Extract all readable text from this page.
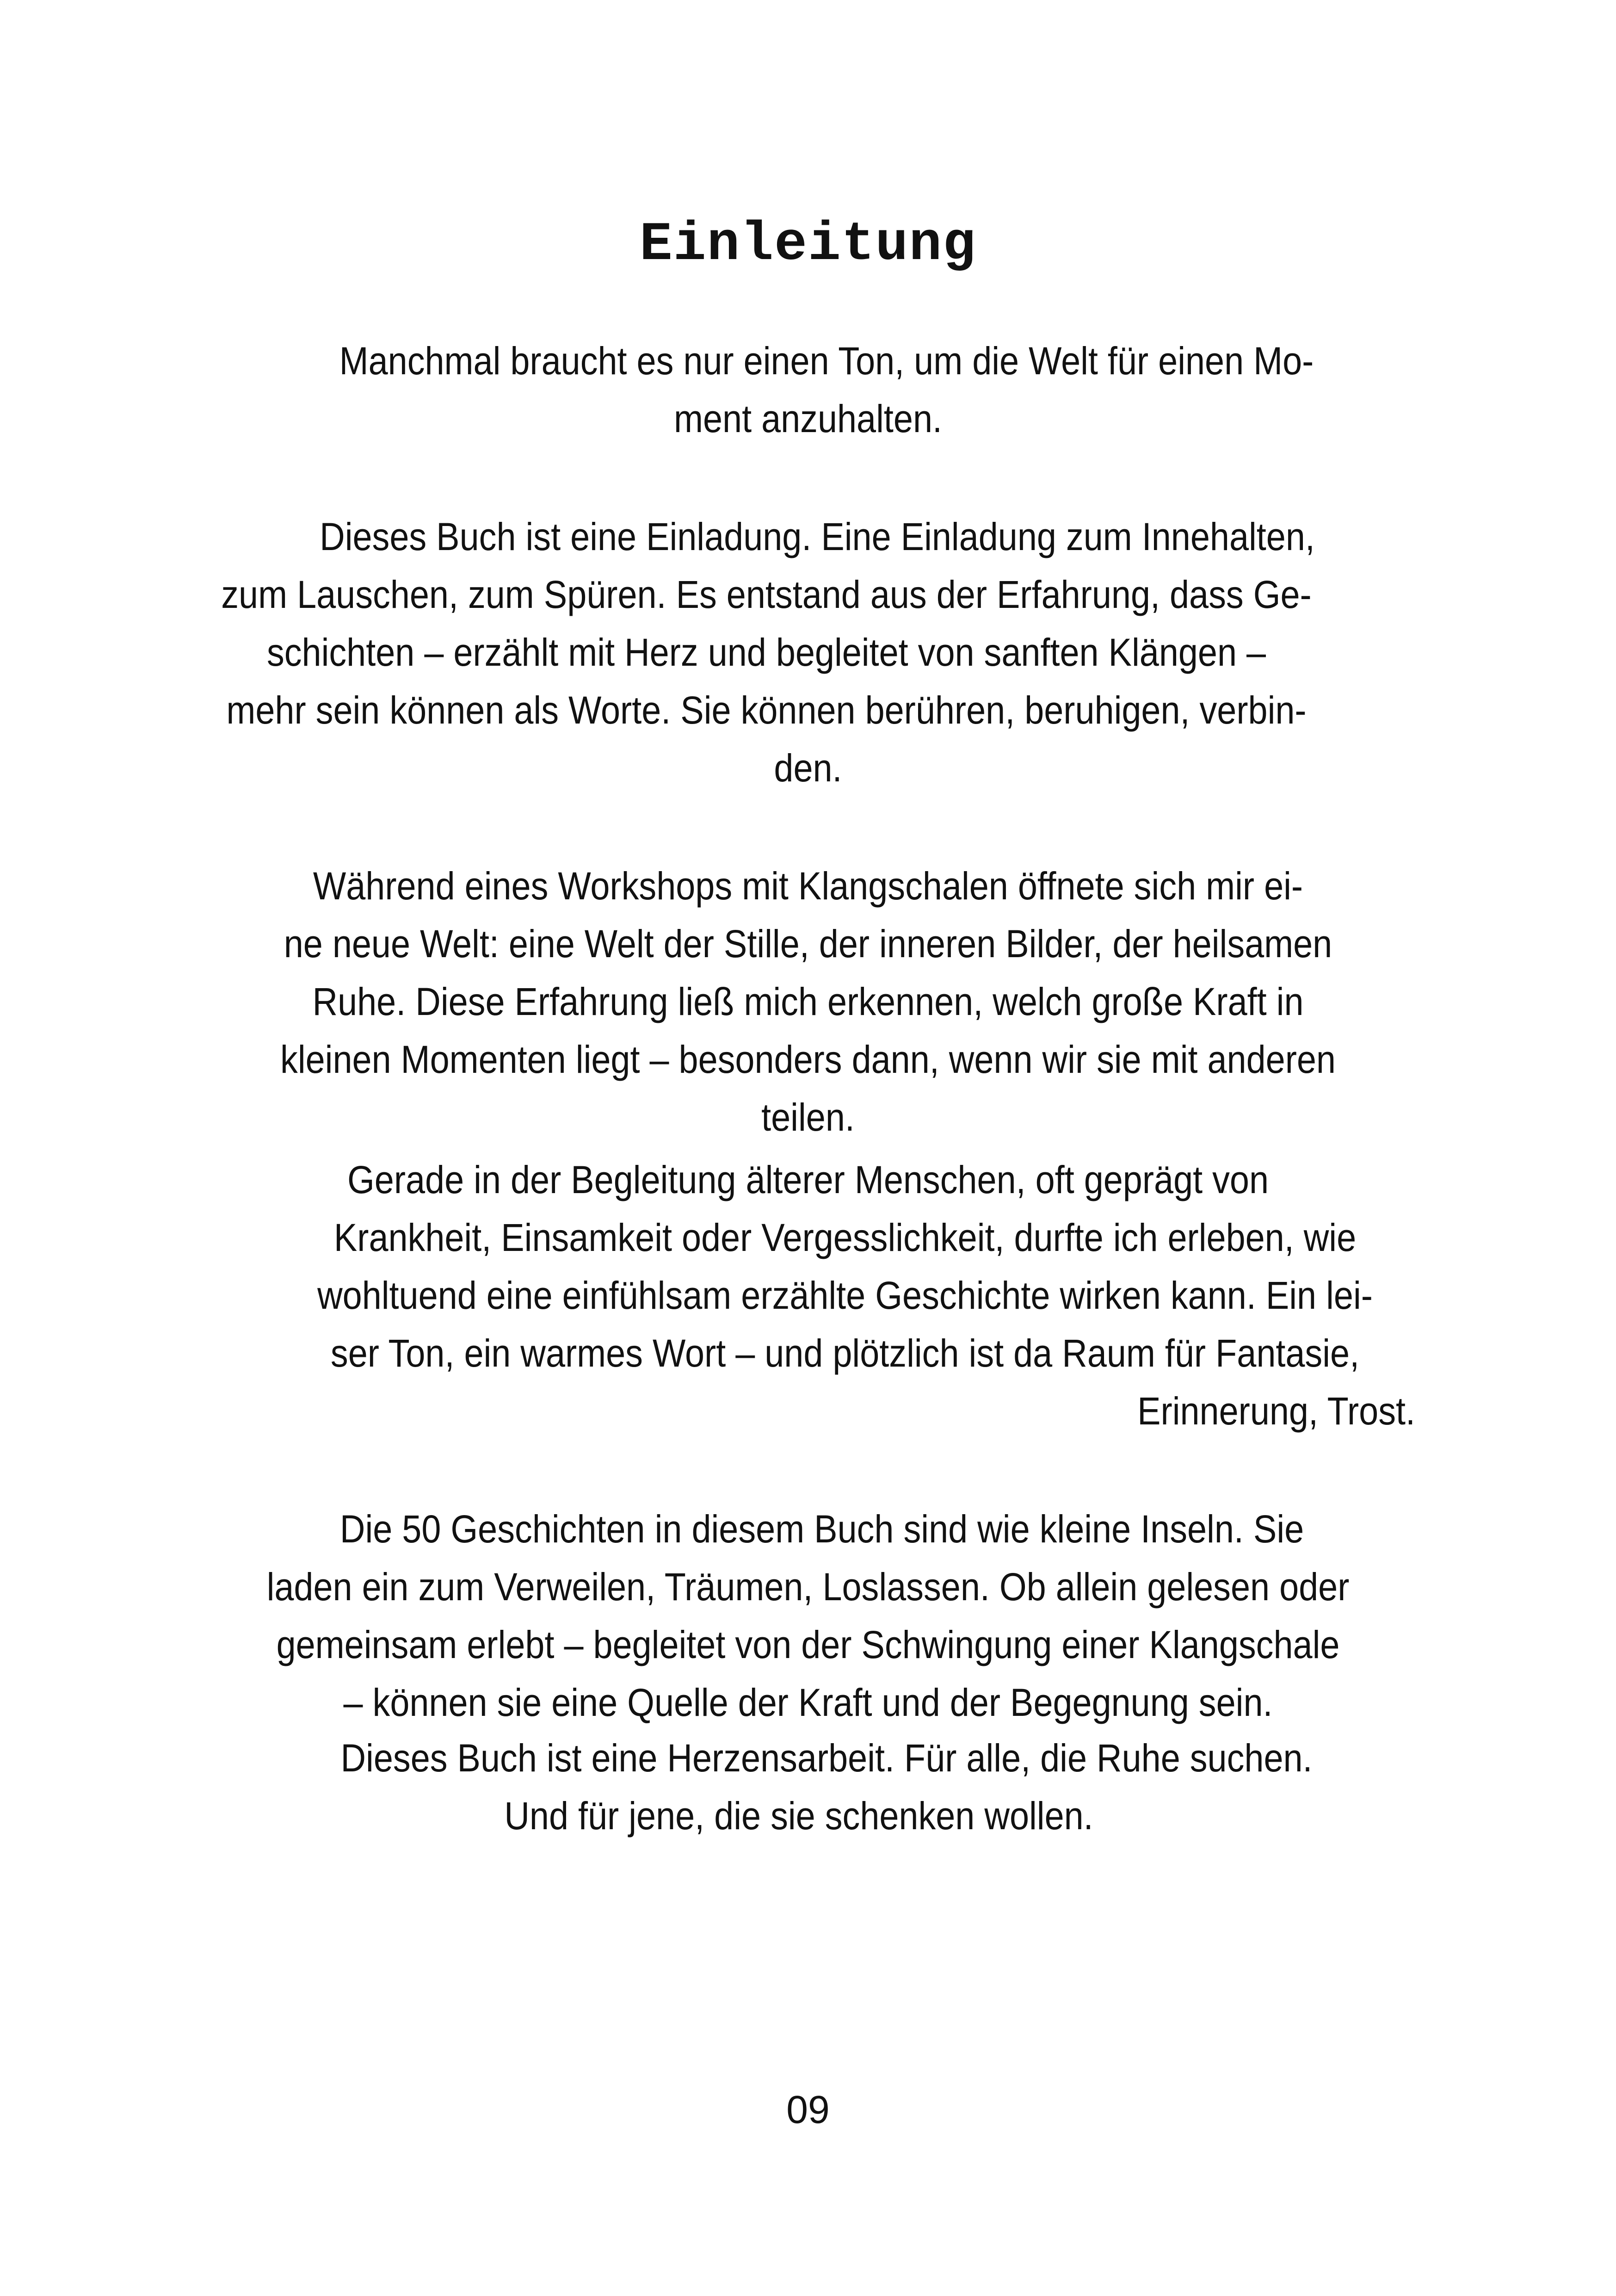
Einleitung

Manchmal braucht es nur einen Ton, um die Welt für einen Mo-

ment anzuhalten.

Dieses Buch ist eine Einladung. Eine Einladung zum Innehalten,

zum Lauschen, zum Spüren. Es entstand aus der Erfahrung, dass Ge-

schichten – erzählt mit Herz und begleitet von sanften Klängen –

mehr sein können als Worte. Sie können berühren, beruhigen, verbin-

den.

Während eines Workshops mit Klangschalen öffnete sich mir ei-

ne neue Welt: eine Welt der Stille, der inneren Bilder, der heilsamen

Ruhe. Diese Erfahrung ließ mich erkennen, welch große Kraft in

kleinen Momenten liegt – besonders dann, wenn wir sie mit anderen

teilen.

Gerade in der Begleitung älterer Menschen, oft geprägt von

Krankheit, Einsamkeit oder Vergesslichkeit, durfte ich erleben, wie

wohltuend eine einfühlsam erzählte Geschichte wirken kann. Ein lei-

ser Ton, ein warmes Wort – und plötzlich ist da Raum für Fantasie,

Erinnerung, Trost.

Die 50 Geschichten in diesem Buch sind wie kleine Inseln. Sie

laden ein zum Verweilen, Träumen, Loslassen. Ob allein gelesen oder

gemeinsam erlebt – begleitet von der Schwingung einer Klangschale

– können sie eine Quelle der Kraft und der Begegnung sein.

Dieses Buch ist eine Herzensarbeit. Für alle, die Ruhe suchen.

Und für jene, die sie schenken wollen.

09
